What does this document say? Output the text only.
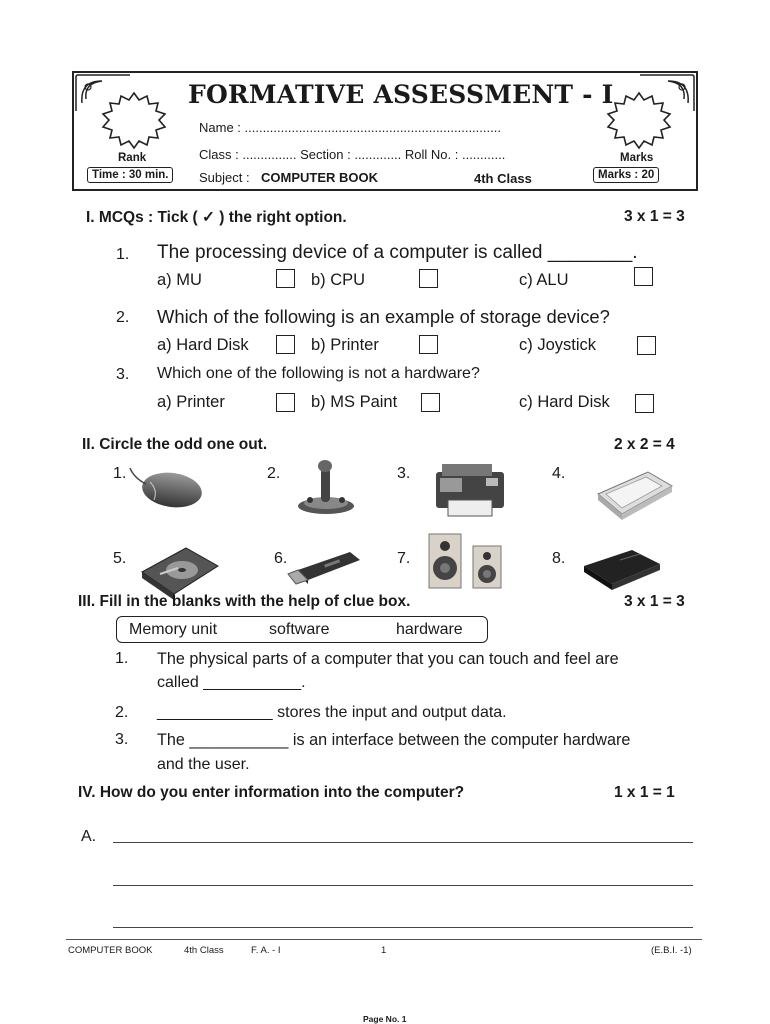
FORMATIVE ASSESSMENT - I
Name : .......................................................................
Class : ............... Section : ............. Roll No. : ............
Subject : COMPUTER BOOK	4th Class
Rank
Time : 30 min.
Marks
Marks : 20
I. MCQs : Tick ( ✓ ) the right option.	3 x 1 = 3
1. The processing device of a computer is called ________.
a) MU	b) CPU	c) ALU
2. Which of the following is an example of storage device?
a) Hard Disk	b) Printer	c) Joystick
3. Which one of the following is not a hardware?
a) Printer	b) MS Paint	c) Hard Disk
II. Circle the odd one out.	2 x 2 = 4
1.	2.	3.	4.
5.	6.	7.	8.
III. Fill in the blanks with the help of clue box.	3 x 1 = 3
Memory unit	software	hardware
1. The physical parts of a computer that you can touch and feel are
called ___________.
2. _____________ stores the input and output data.
3. The ___________ is an interface between the computer hardware
and the user.
IV. How do you enter information into the computer?	1 x 1 = 1
A.
COMPUTER BOOK	4th Class	F. A. - I	1	(E.B.I. -1)
Page No. 1
